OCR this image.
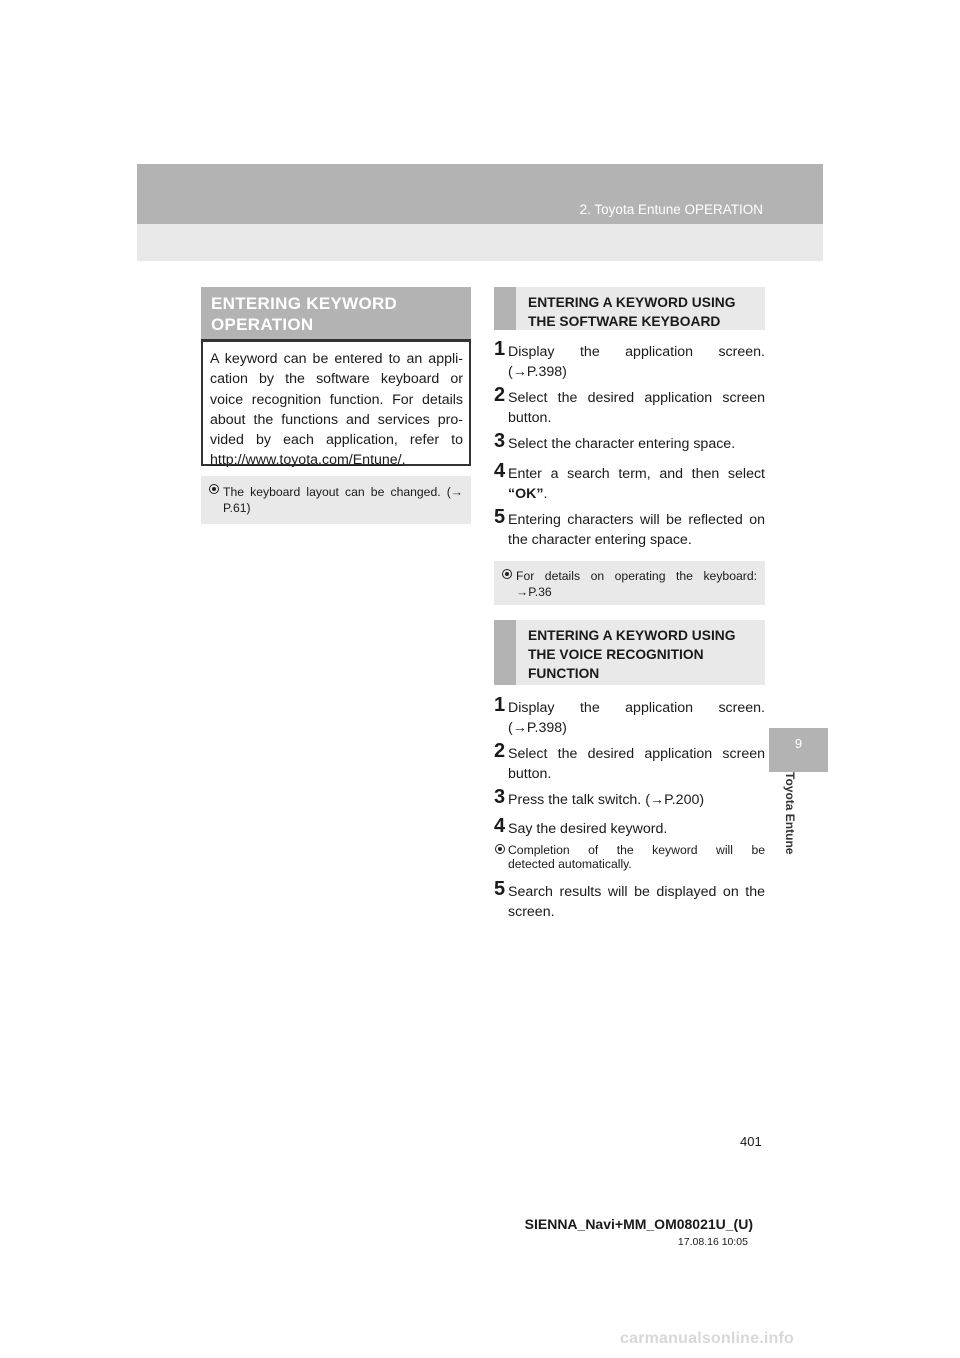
2. Toyota Entune OPERATION
9
Toyota Entune
ENTERING KEYWORD OPERATION

A keyword can be entered to an appli-cation by the software keyboard or voice recognition function. For details about the functions and services pro-vided by each application, refer to http://www.toyota.com/Entune/.

The keyboard layout can be changed. (→ P.61)
ENTERING A KEYWORD USING THE SOFTWARE KEYBOARD
1 Display the application screen.
(→P.398)
2 Select the desired application screen
button.
3 Select the character entering space.
4 Enter a search term, and then select
“OK”.
5 Entering characters will be reflected on
the character entering space.
For details on operating the keyboard: →P.36
ENTERING A KEYWORD USING THE VOICE RECOGNITION FUNCTION
1 Display the application screen.
(→P.398)
2 Select the desired application screen
button.
3 Press the talk switch. (→P.200)
4 Say the desired keyword.
Completion of the keyword will be
detected automatically.
5 Search results will be displayed on the
screen.
401
SIENNA_Navi+MM_OM08021U_(U)
17.08.16 10:05
carmanualsonline.info
